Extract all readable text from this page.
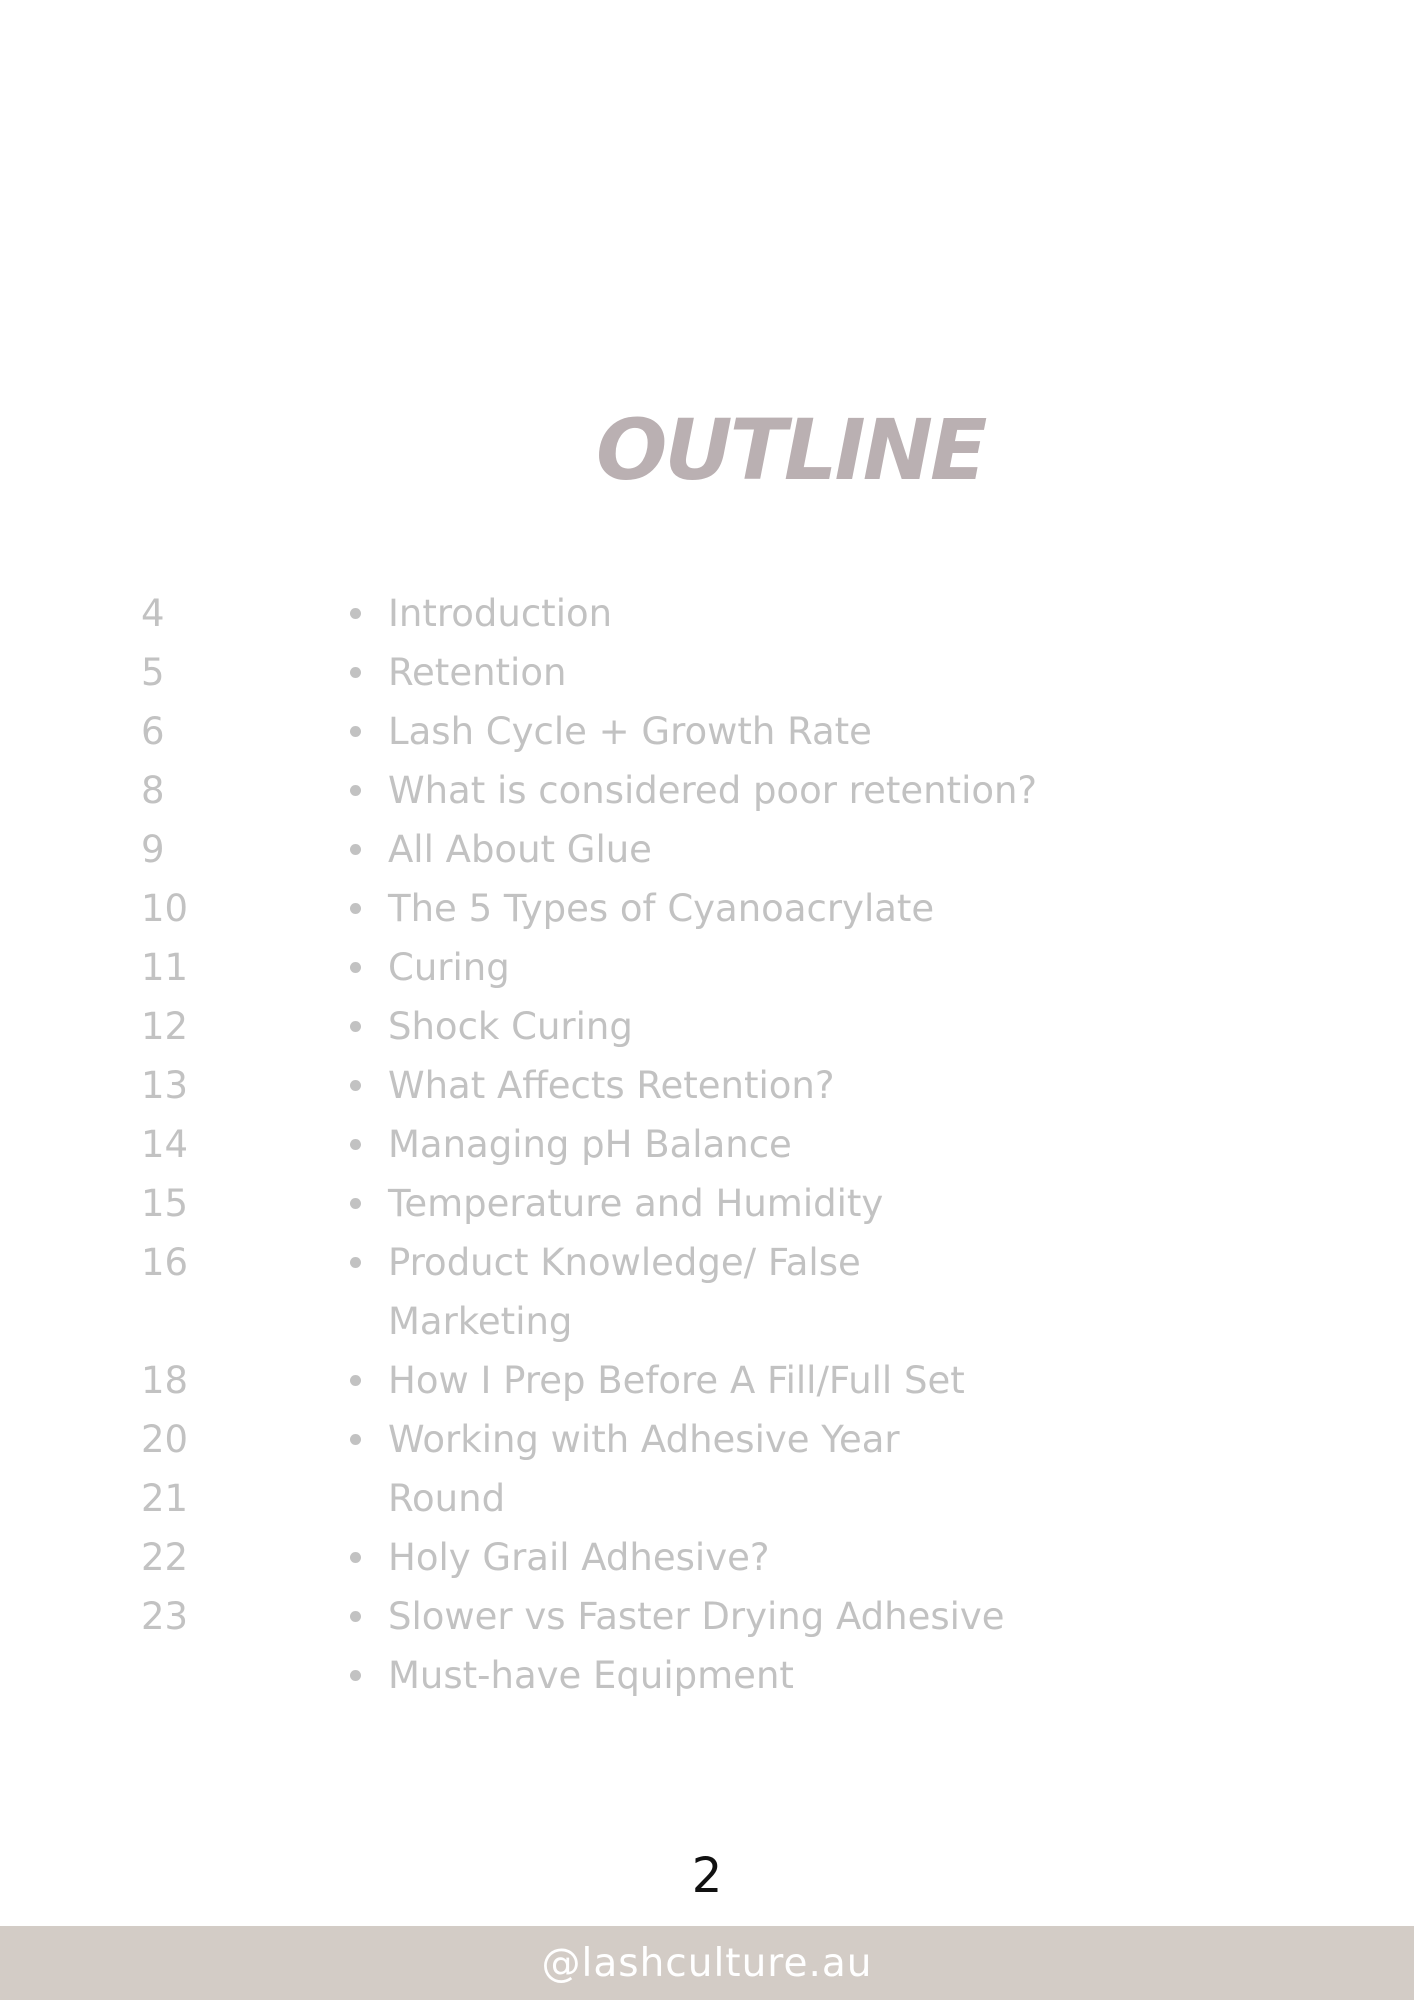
OUTLINE
4
5
6
8
9
10
11
12
13
14
15
16
18
20
21
22
23
Introduction
Retention
Lash Cycle + Growth Rate
What is considered poor retention?
All About Glue
The 5 Types of Cyanoacrylate
Curing
Shock Curing
What Affects Retention?
Managing pH Balance
Temperature and Humidity
Product Knowledge/ False Marketing
How I Prep Before A Fill/Full Set
Working with Adhesive Year Round
Holy Grail Adhesive?
Slower vs Faster Drying Adhesive
Must-have Equipment
2
@lashculture.au
